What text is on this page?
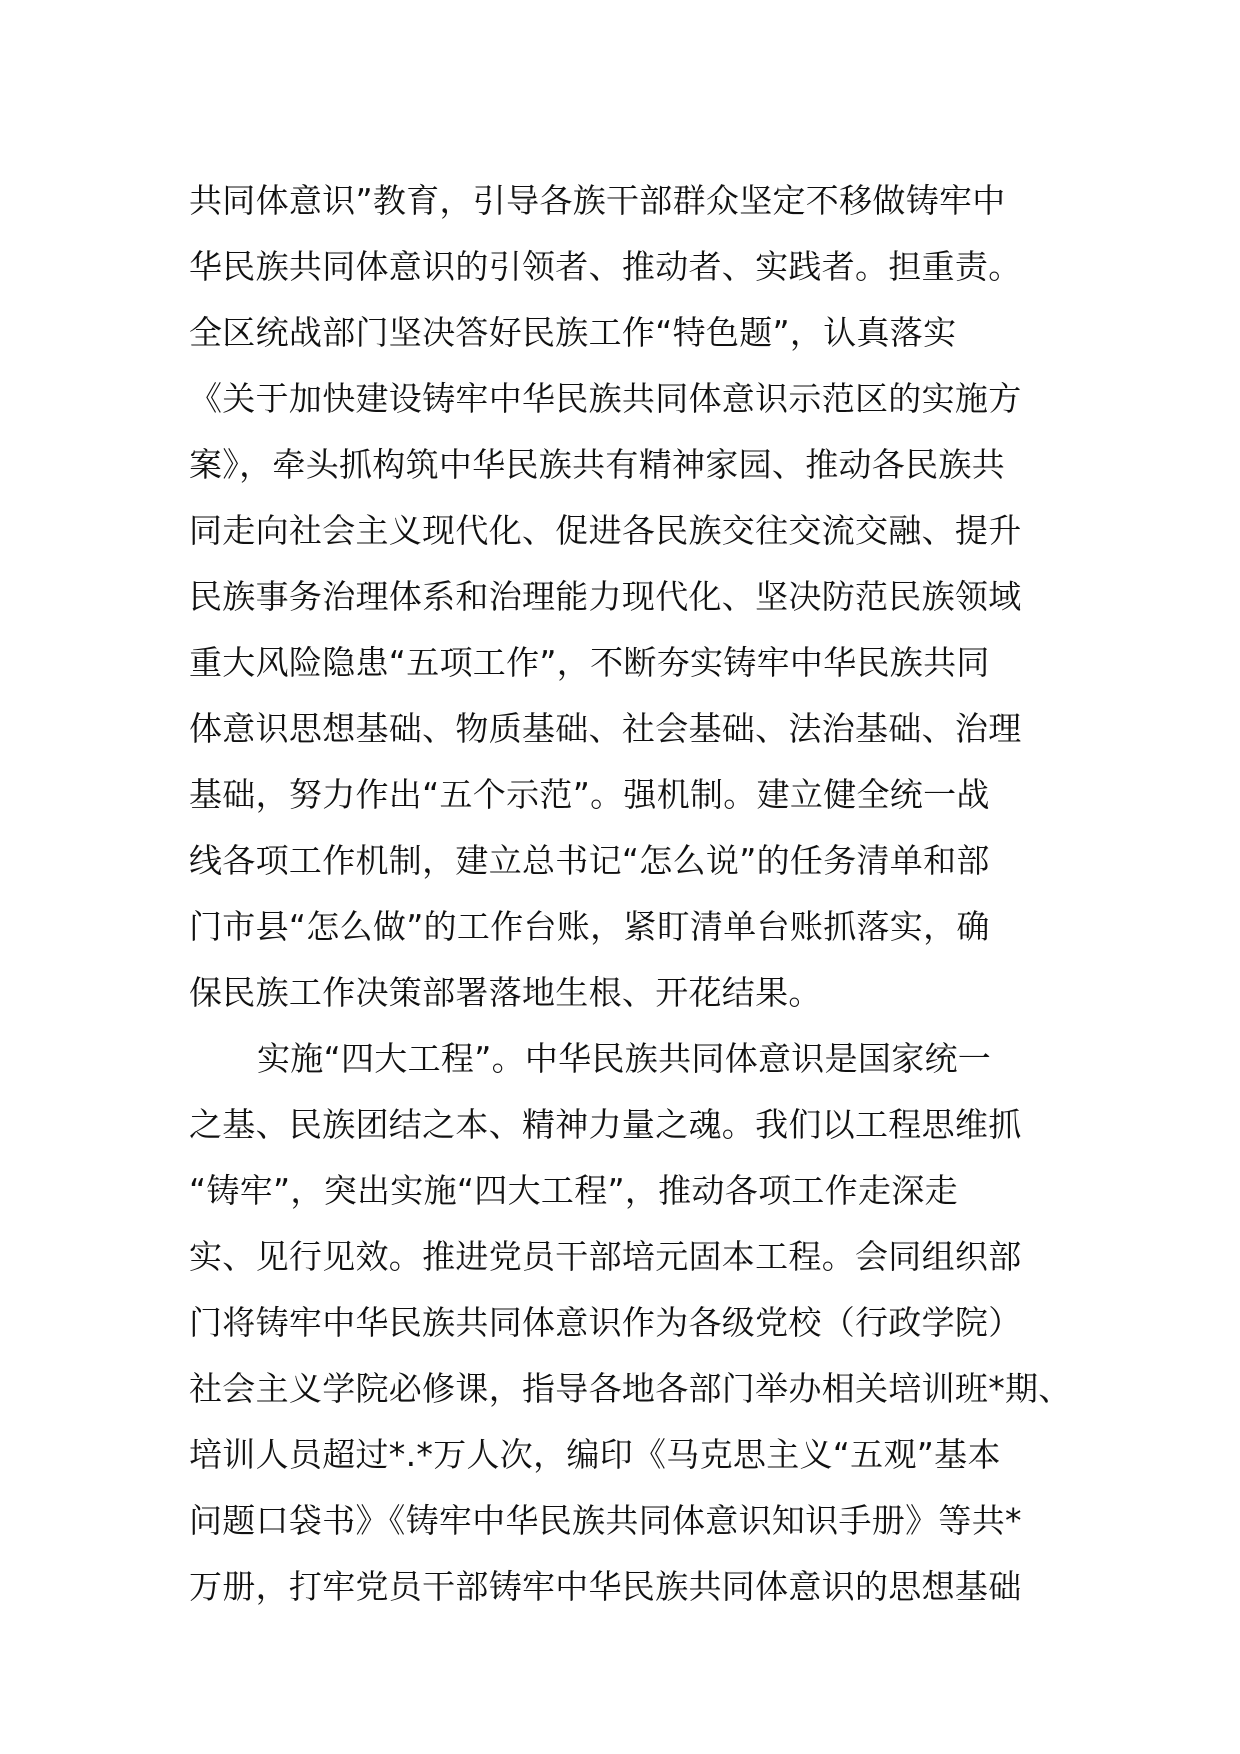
共同体意识”教育，引导各族干部群众坚定不移做铸牢中
华民族共同体意识的引领者、推动者、实践者。担重责。
全区统战部门坚决答好民族工作“特色题”，认真落实
《关于加快建设铸牢中华民族共同体意识示范区的实施方
案》，牵头抓构筑中华民族共有精神家园、推动各民族共
同走向社会主义现代化、促进各民族交往交流交融、提升
民族事务治理体系和治理能力现代化、坚决防范民族领域
重大风险隐患“五项工作”，不断夯实铸牢中华民族共同
体意识思想基础、物质基础、社会基础、法治基础、治理
基础，努力作出“五个示范”。强机制。建立健全统一战
线各项工作机制，建立总书记“怎么说”的任务清单和部
门市县“怎么做”的工作台账，紧盯清单台账抓落实，确
保民族工作决策部署落地生根、开花结果。
实施“四大工程”。中华民族共同体意识是国家统一
之基、民族团结之本、精神力量之魂。我们以工程思维抓
“铸牢”，突出实施“四大工程”，推动各项工作走深走
实、见行见效。推进党员干部培元固本工程。会同组织部
门将铸牢中华民族共同体意识作为各级党校（行政学院）
社会主义学院必修课，指导各地各部门举办相关培训班*期、
培训人员超过*.*万人次，编印《马克思主义“五观”基本
问题口袋书》《铸牢中华民族共同体意识知识手册》等共*
万册，打牢党员干部铸牢中华民族共同体意识的思想基础
